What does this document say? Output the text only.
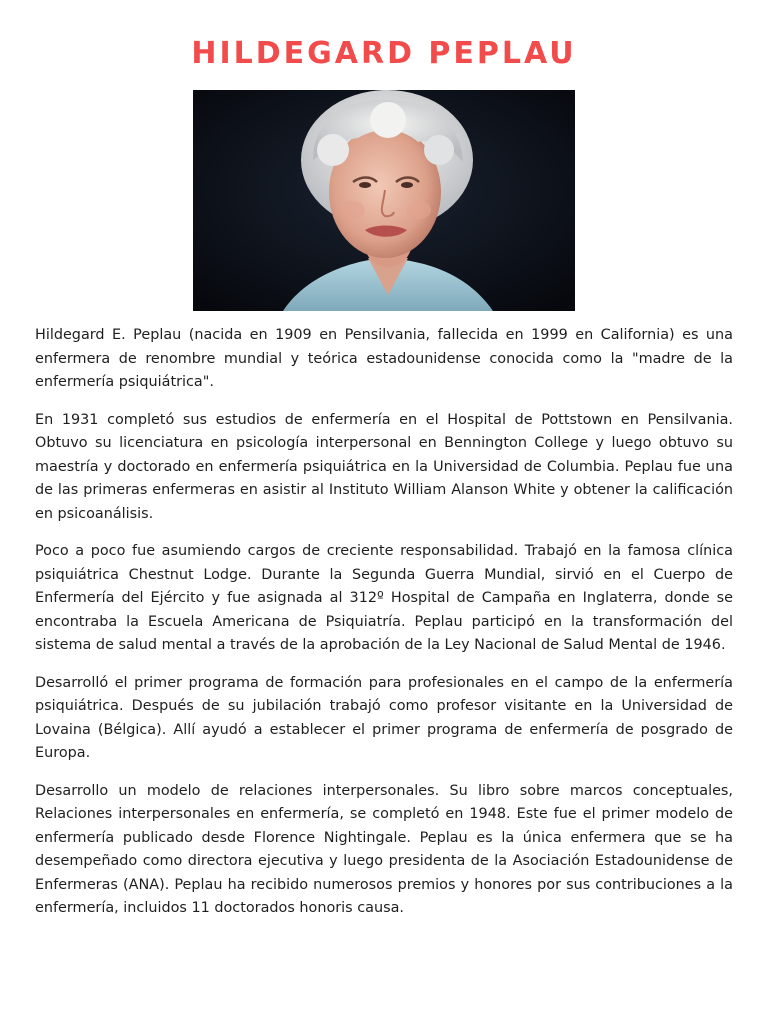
HILDEGARD PEPLAU

Hildegard E. Peplau (nacida en 1909 en Pensilvania, fallecida en 1999 en California) es una enfermera de renombre mundial y teórica estadounidense conocida como la "madre de la enfermería psiquiátrica".

En 1931 completó sus estudios de enfermería en el Hospital de Pottstown en Pensilvania. Obtuvo su licenciatura en psicología interpersonal en Bennington College y luego obtuvo su maestría y doctorado en enfermería psiquiátrica en la Universidad de Columbia. Peplau fue una de las primeras enfermeras en asistir al Instituto William Alanson White y obtener la calificación en psicoanálisis.

Poco a poco fue asumiendo cargos de creciente responsabilidad. Trabajó en la famosa clínica psiquiátrica Chestnut Lodge. Durante la Segunda Guerra Mundial, sirvió en el Cuerpo de Enfermería del Ejército y fue asignada al 312º Hospital de Campaña en Inglaterra, donde se encontraba la Escuela Americana de Psiquiatría. Peplau participó en la transformación del sistema de salud mental a través de la aprobación de la Ley Nacional de Salud Mental de 1946.

Desarrolló el primer programa de formación para profesionales en el campo de la enfermería psiquiátrica. Después de su jubilación trabajó como profesor visitante en la Universidad de Lovaina (Bélgica). Allí ayudó a establecer el primer programa de enfermería de posgrado de Europa.

Desarrollo un modelo de relaciones interpersonales. Su libro sobre marcos conceptuales, Relaciones interpersonales en enfermería, se completó en 1948. Este fue el primer modelo de enfermería publicado desde Florence Nightingale. Peplau es la única enfermera que se ha desempeñado como directora ejecutiva y luego presidenta de la Asociación Estadounidense de Enfermeras (ANA). Peplau ha recibido numerosos premios y honores por sus contribuciones a la enfermería, incluidos 11 doctorados honoris causa.
